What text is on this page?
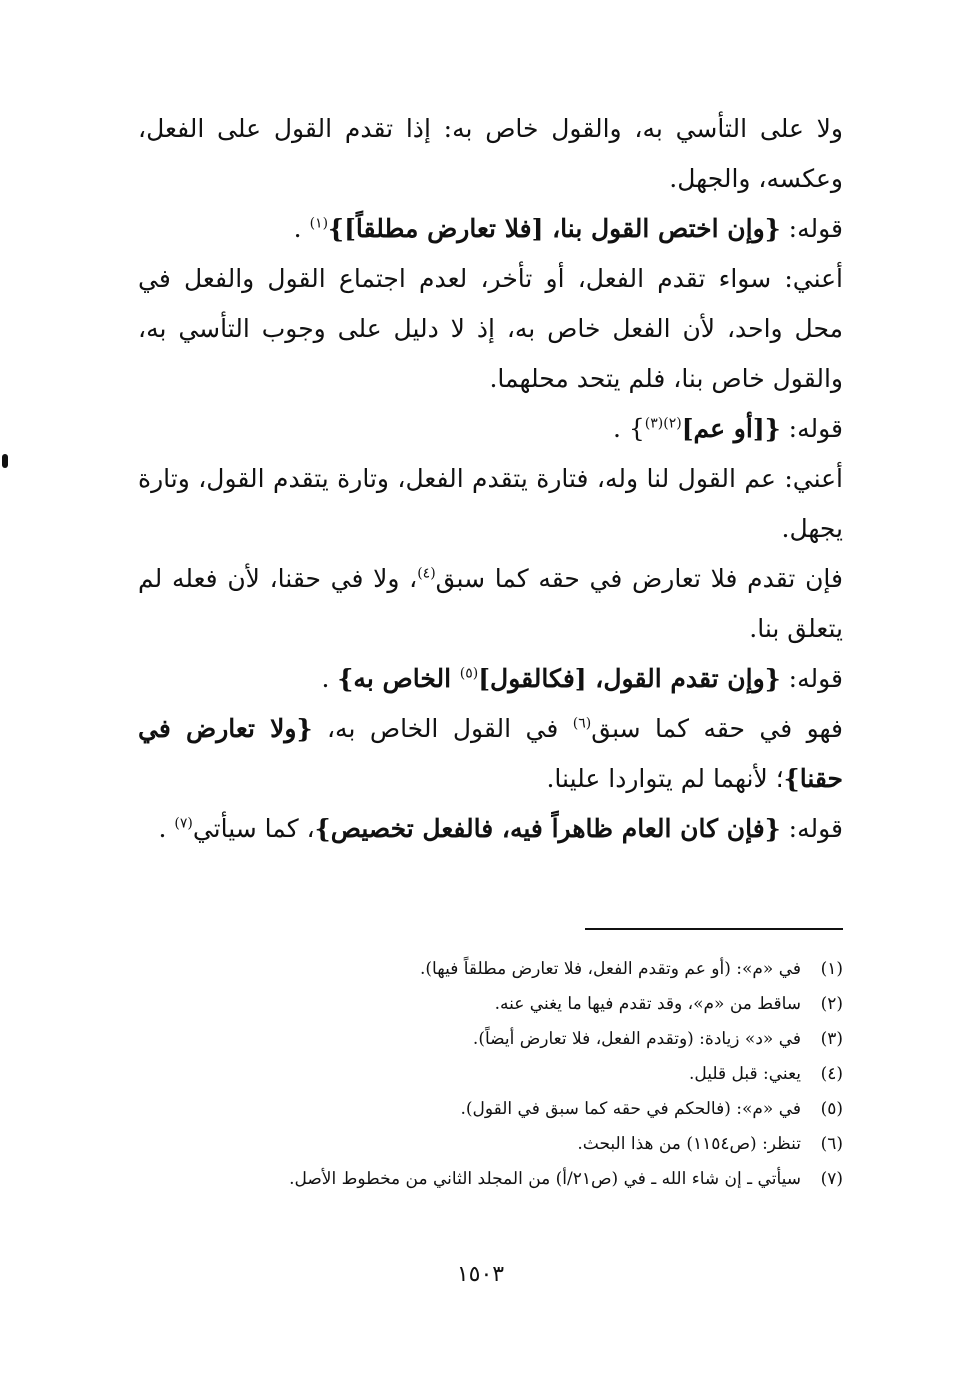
ولا على التأسي به، والقول خاص به: إذا تقدم القول على الفعل، وعكسه، والجهل.

قوله: {وإن اختص القول بنا، [فلا تعارض مطلقاً]}$^{(١)}$ .

أعني: سواء تقدم الفعل، أو تأخر، لعدم اجتماع القول والفعل في محل واحد، لأن الفعل خاص به، إذ لا دليل على وجوب التأسي به، والقول خاص بنا، فلم يتحد محلهما.

قوله: {[أو عم]$^{(٢)(٣)}$} .

أعني: عم القول لنا وله، فتارة يتقدم الفعل، وتارة يتقدم القول، وتارة يجهل.

فإن تقدم فلا تعارض في حقه كما سبق$^{(٤)}$، ولا في حقنا، لأن فعله لم يتعلق بنا.

قوله: {وإن تقدم القول، [فكالقول]$^{(٥)}$ الخاص به} .

فهو في حقه كما سبق$^{(٦)}$ في القول الخاص به، {ولا تعارض في حقنا}؛ لأنهما لم يتواردا علينا.

قوله: {فإن كان العام ظاهراً فيه، فالفعل تخصيص}، كما سيأتي$^{(٧)}$ .

(١)
في «م»: (أو عم وتقدم الفعل، فلا تعارض مطلقاً فيها).
(٢)
ساقط من «م»، وقد تقدم فيها ما يغني عنه.
(٣)
في «د» زيادة: (وتقدم الفعل، فلا تعارض أيضاً).
(٤)
يعني: قبل قليل.
(٥)
في «م»: (فالحكم في حقه كما سبق في القول).
(٦)
تنظر: (ص١١٥٤) من هذا البحث.
(٧)
سيأتي ـ إن شاء الله ـ في (ص٢١/أ) من المجلد الثاني من مخطوط الأصل.
١٥٠٣
